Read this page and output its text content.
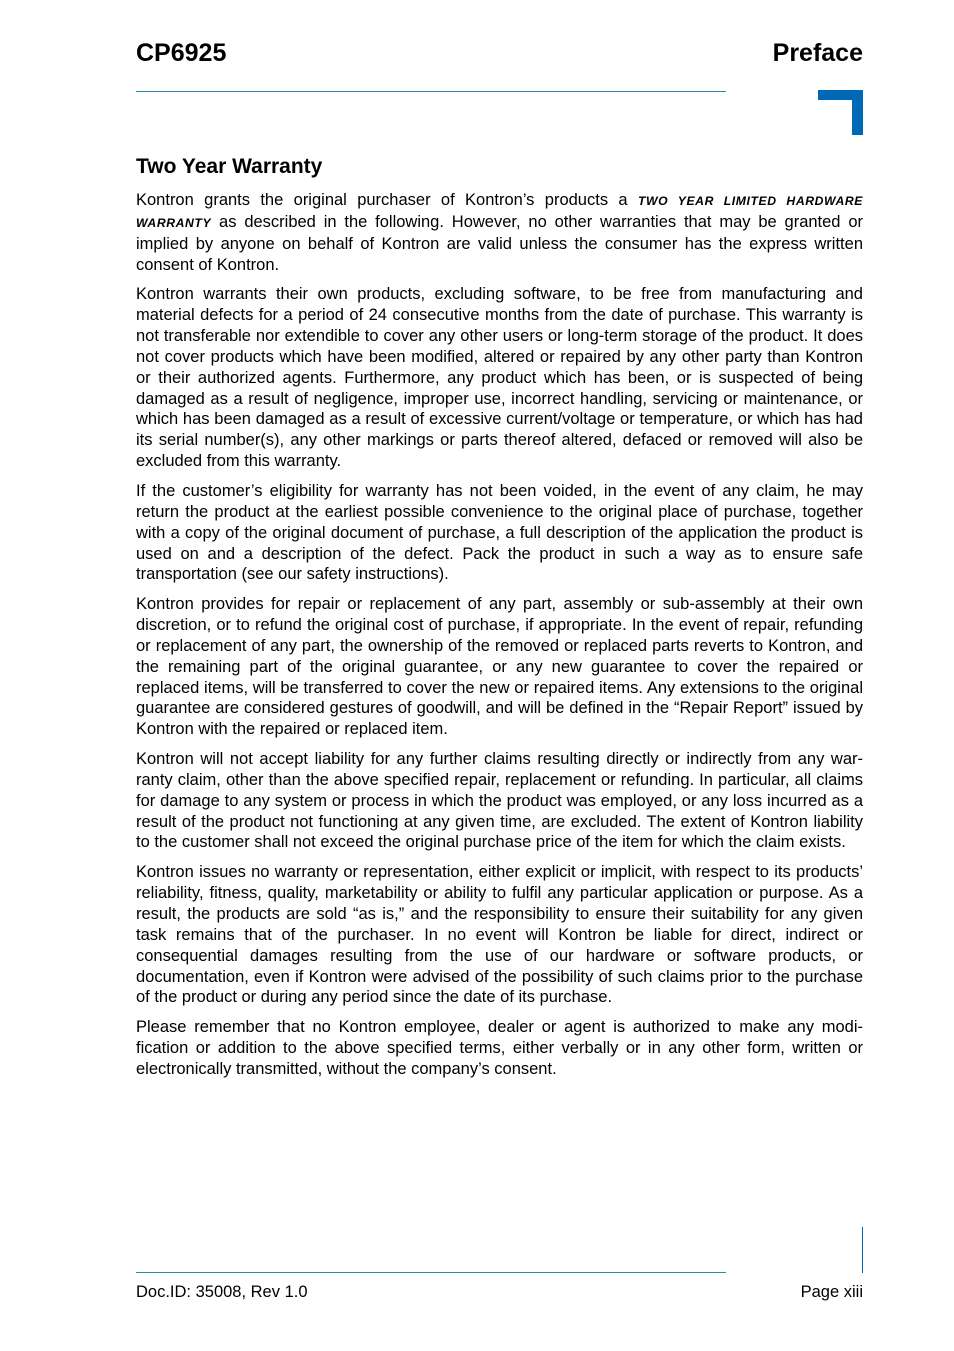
CP6925	Preface
Two Year Warranty

Kontron grants the original purchaser of Kontron’s products a TWO YEAR LIMITED HARDWARE WARRANTY as described in the following. However, no other warranties that may be granted or implied by anyone on behalf of Kontron are valid unless the consumer has the express written consent of Kontron.

Kontron warrants their own products, excluding software, to be free from manufacturing and material defects for a period of 24 consecutive months from the date of purchase. This warranty is not transferable nor extendible to cover any other users or long-term storage of the product. It does not cover products which have been modified, altered or repaired by any other party than Kontron or their authorized agents. Furthermore, any product which has been, or is suspected of being damaged as a result of negligence, improper use, incorrect handling, servicing or maintenance, or which has been damaged as a result of excessive current/voltage or temperature, or which has had its serial number(s), any other markings or parts thereof altered, defaced or removed will also be excluded from this warranty.

If the customer’s eligibility for warranty has not been voided, in the event of any claim, he may return the product at the earliest possible convenience to the original place of purchase, together with a copy of the original document of purchase, a full description of the application the product is used on and a description of the defect. Pack the product in such a way as to ensure safe transportation (see our safety instructions).

Kontron provides for repair or replacement of any part, assembly or sub-assembly at their own discretion, or to refund the original cost of purchase, if appropriate. In the event of repair, refunding or replacement of any part, the ownership of the removed or replaced parts reverts to Kontron, and the remaining part of the original guarantee, or any new guarantee to cover the repaired or replaced items, will be transferred to cover the new or repaired items. Any extensions to the original guarantee are considered gestures of goodwill, and will be defined in the “Repair Report” issued by Kontron with the repaired or replaced item.

Kontron will not accept liability for any further claims resulting directly or indirectly from any warranty claim, other than the above specified repair, replacement or refunding. In particular, all claims for damage to any system or process in which the product was employed, or any loss incurred as a result of the product not functioning at any given time, are excluded. The extent of Kontron liability to the customer shall not exceed the original purchase price of the item for which the claim exists.

Kontron issues no warranty or representation, either explicit or implicit, with respect to its products’ reliability, fitness, quality, marketability or ability to fulfil any particular application or purpose. As a result, the products are sold “as is,” and the responsibility to ensure their suitability for any given task remains that of the purchaser. In no event will Kontron be liable for direct, indirect or consequential damages resulting from the use of our hardware or software products, or documentation, even if Kontron were advised of the possibility of such claims prior to the purchase of the product or during any period since the date of its purchase.

Please remember that no Kontron employee, dealer or agent is authorized to make any modification or addition to the above specified terms, either verbally or in any other form, written or electronically transmitted, without the company’s consent.

Doc.ID: 35008, Rev 1.0	Page xiii
